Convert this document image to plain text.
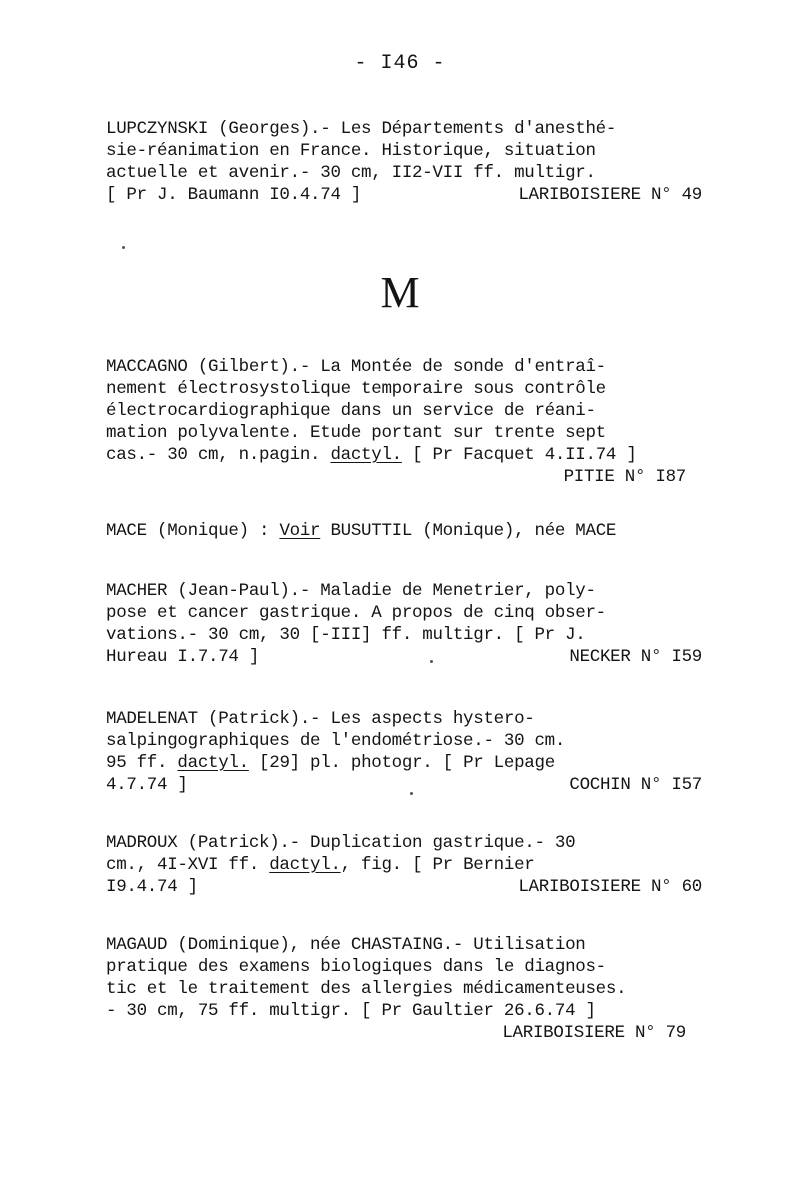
- I46 -
LUPCZYNSKI (Georges).- Les Départements d'anesthé-
sie-réanimation en France. Historique, situation
actuelle et avenir.- 30 cm, II2-VII ff. multigr.
[ Pr J. Baumann I0.4.74 ]	LARIBOISIERE N° 49
M
MACCAGNO (Gilbert).- La Montée de sonde d'entraî-
nement électrosystolique temporaire sous contrôle
électrocardiographique dans un service de réani-
mation polyvalente. Etude portant sur trente sept
cas.- 30 cm, n.pagin. dactyl. [ Pr Facquet 4.II.74 ]
PITIE N° I87
MACE (Monique) : Voir BUSUTTIL (Monique), née MACE
MACHER (Jean-Paul).- Maladie de Menetrier, poly-
pose et cancer gastrique. A propos de cinq obser-
vations.- 30 cm, 30 [-III] ff. multigr. [ Pr J.
Hureau I.7.74 ]	NECKER N° I59
MADELENAT (Patrick).- Les aspects hystero-
salpingographiques de l'endométriose.- 30 cm.
95 ff. dactyl. [29] pl. photogr. [ Pr Lepage
4.7.74 ]	COCHIN N° I57
MADROUX (Patrick).- Duplication gastrique.- 30
cm., 4I-XVI ff. dactyl., fig. [ Pr Bernier
I9.4.74 ]	LARIBOISIERE N° 60
MAGAUD (Dominique), née CHASTAING.- Utilisation
pratique des examens biologiques dans le diagnos-
tic et le traitement des allergies médicamenteuses.
- 30 cm, 75 ff. multigr. [ Pr Gaultier 26.6.74 ]
LARIBOISIERE N° 79
